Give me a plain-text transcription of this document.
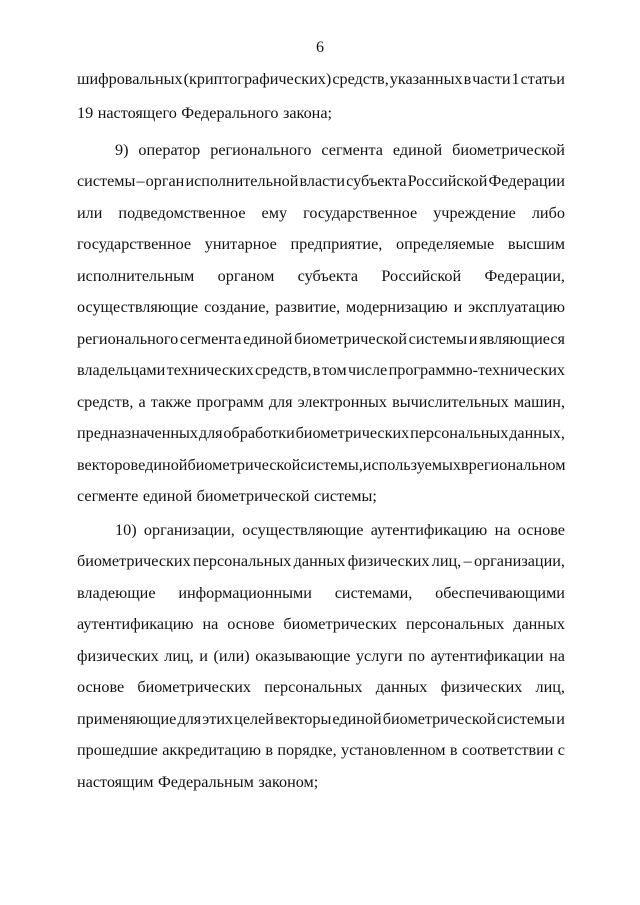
6
шифровальных (криптографических) средств, указанных в части 1 статьи
19 настоящего Федерального закона;
9) оператор регионального сегмента единой биометрической
системы – орган исполнительной власти субъекта Российской Федерации
или подведомственное ему государственное учреждение либо
государственное унитарное предприятие, определяемые высшим
исполнительным органом субъекта Российской Федерации,
осуществляющие создание, развитие, модернизацию и эксплуатацию
регионального сегмента единой биометрической системы и являющиеся
владельцами технических средств, в том числе программно-технических
средств, а также программ для электронных вычислительных машин,
предназначенных для обработки биометрических персональных данных,
векторов единой биометрической системы, используемых в региональном
сегменте единой биометрической системы;
10) организации, осуществляющие аутентификацию на основе
биометрических персональных данных физических лиц, – организации,
владеющие информационными системами, обеспечивающими
аутентификацию на основе биометрических персональных данных
физических лиц, и (или) оказывающие услуги по аутентификации на
основе биометрических персональных данных физических лиц,
применяющие для этих целей векторы единой биометрической системы и
прошедшие аккредитацию в порядке, установленном в соответствии с
настоящим Федеральным законом;
